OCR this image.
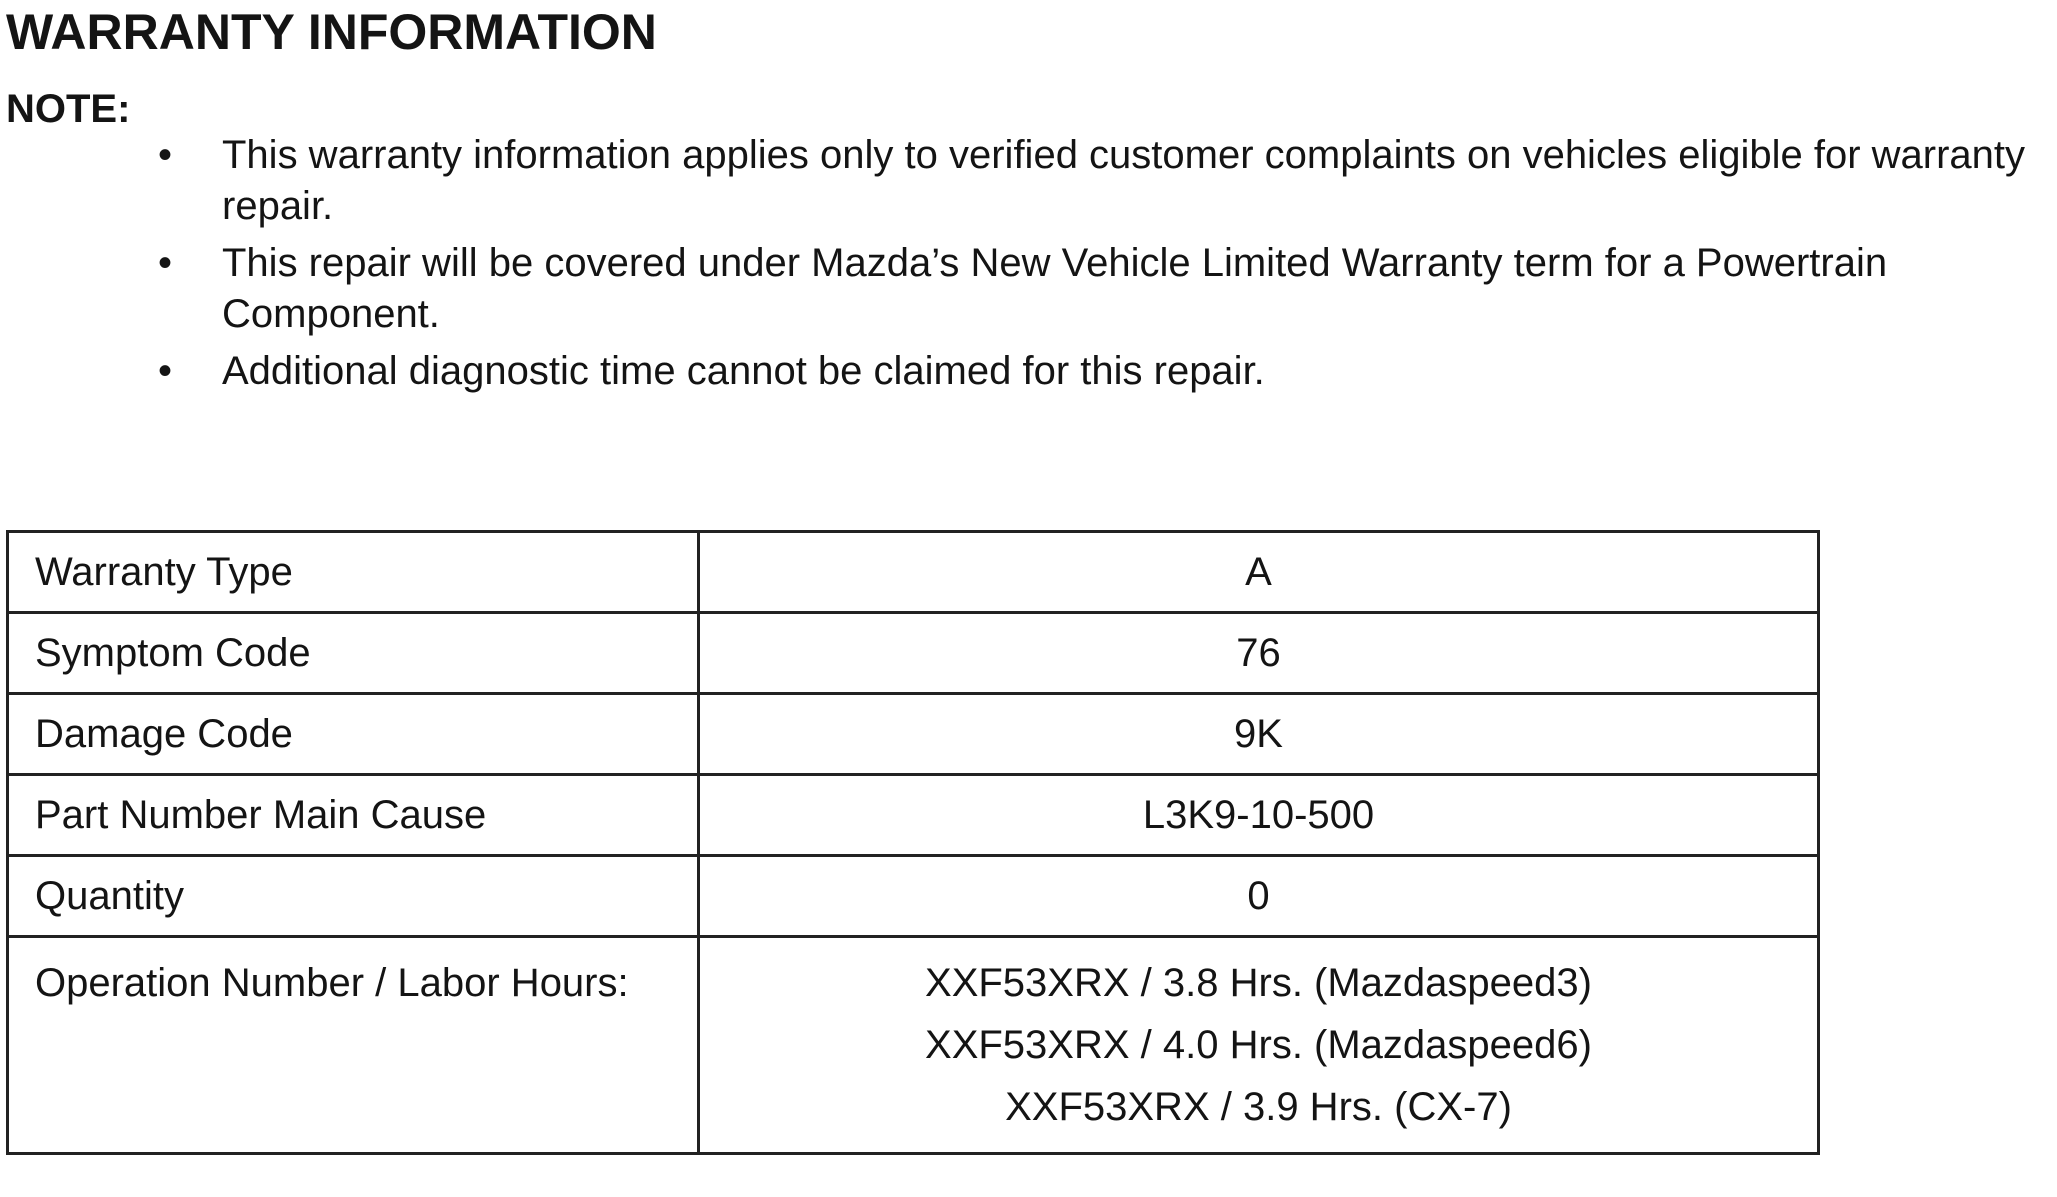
WARRANTY INFORMATION
NOTE:
• This warranty information applies only to verified customer complaints on vehicles eligible for warranty repair.
• This repair will be covered under Mazda’s New Vehicle Limited Warranty term for a Powertrain Component.
• Additional diagnostic time cannot be claimed for this repair.
Warranty Type	A
Symptom Code	76
Damage Code	9K
Part Number Main Cause	L3K9-10-500
Quantity	0
Operation Number / Labor Hours:	XXF53XRX / 3.8 Hrs. (Mazdaspeed3)
XXF53XRX / 4.0 Hrs. (Mazdaspeed6)
XXF53XRX / 3.9 Hrs. (CX-7)
